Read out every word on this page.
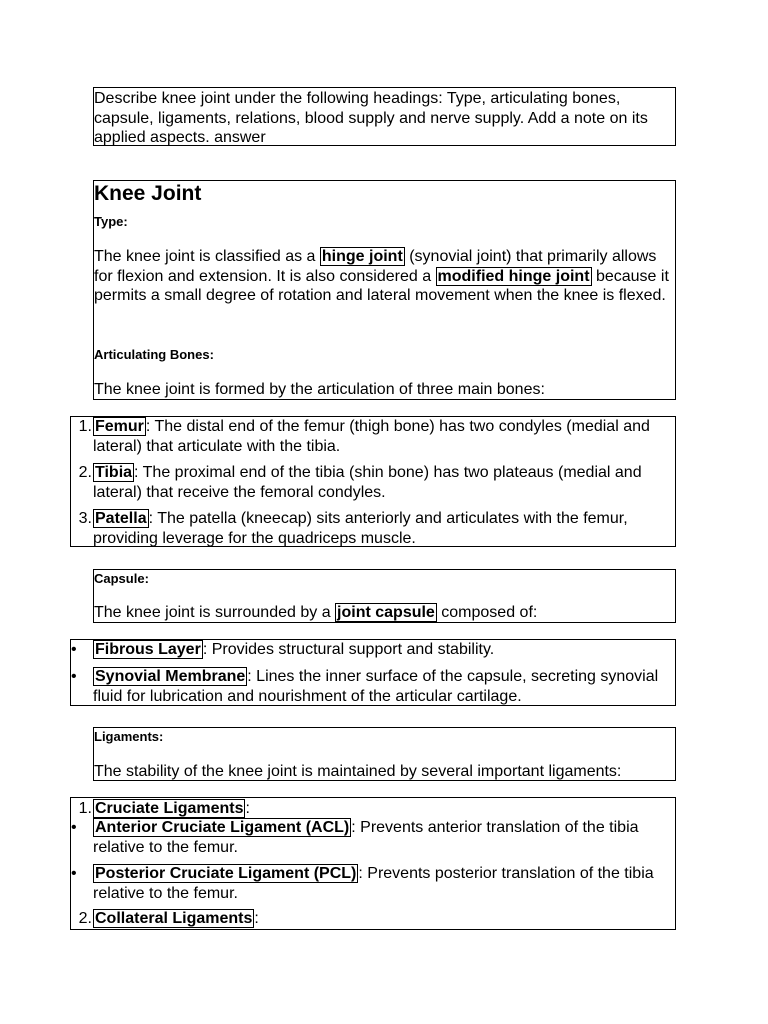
Describe knee joint under the following headings: Type, articulating bones, capsule, ligaments, relations, blood supply and nerve supply. Add a note on its applied aspects. answer
Knee Joint
Type:
The knee joint is classified as a hinge joint (synovial joint) that primarily allows for flexion and extension. It is also considered a modified hinge joint because it permits a small degree of rotation and lateral movement when the knee is flexed.
Articulating Bones:
The knee joint is formed by the articulation of three main bones:
1. Femur : The distal end of the femur (thigh bone) has two condyles (medial and lateral) that articulate with the tibia.
2. Tibia : The proximal end of the tibia (shin bone) has two plateaus (medial and lateral) that receive the femoral condyles.
3. Patella : The patella (kneecap) sits anteriorly and articulates with the femur, providing leverage for the quadriceps muscle.
Capsule:
The knee joint is surrounded by a joint capsule composed of:
• Fibrous Layer : Provides structural support and stability.
• Synovial Membrane : Lines the inner surface of the capsule, secreting synovial fluid for lubrication and nourishment of the articular cartilage.
Ligaments:
The stability of the knee joint is maintained by several important ligaments:
1. Cruciate Ligaments :
• Anterior Cruciate Ligament (ACL) : Prevents anterior translation of the tibia relative to the femur.
• Posterior Cruciate Ligament (PCL) : Prevents posterior translation of the tibia relative to the femur.
2. Collateral Ligaments :
